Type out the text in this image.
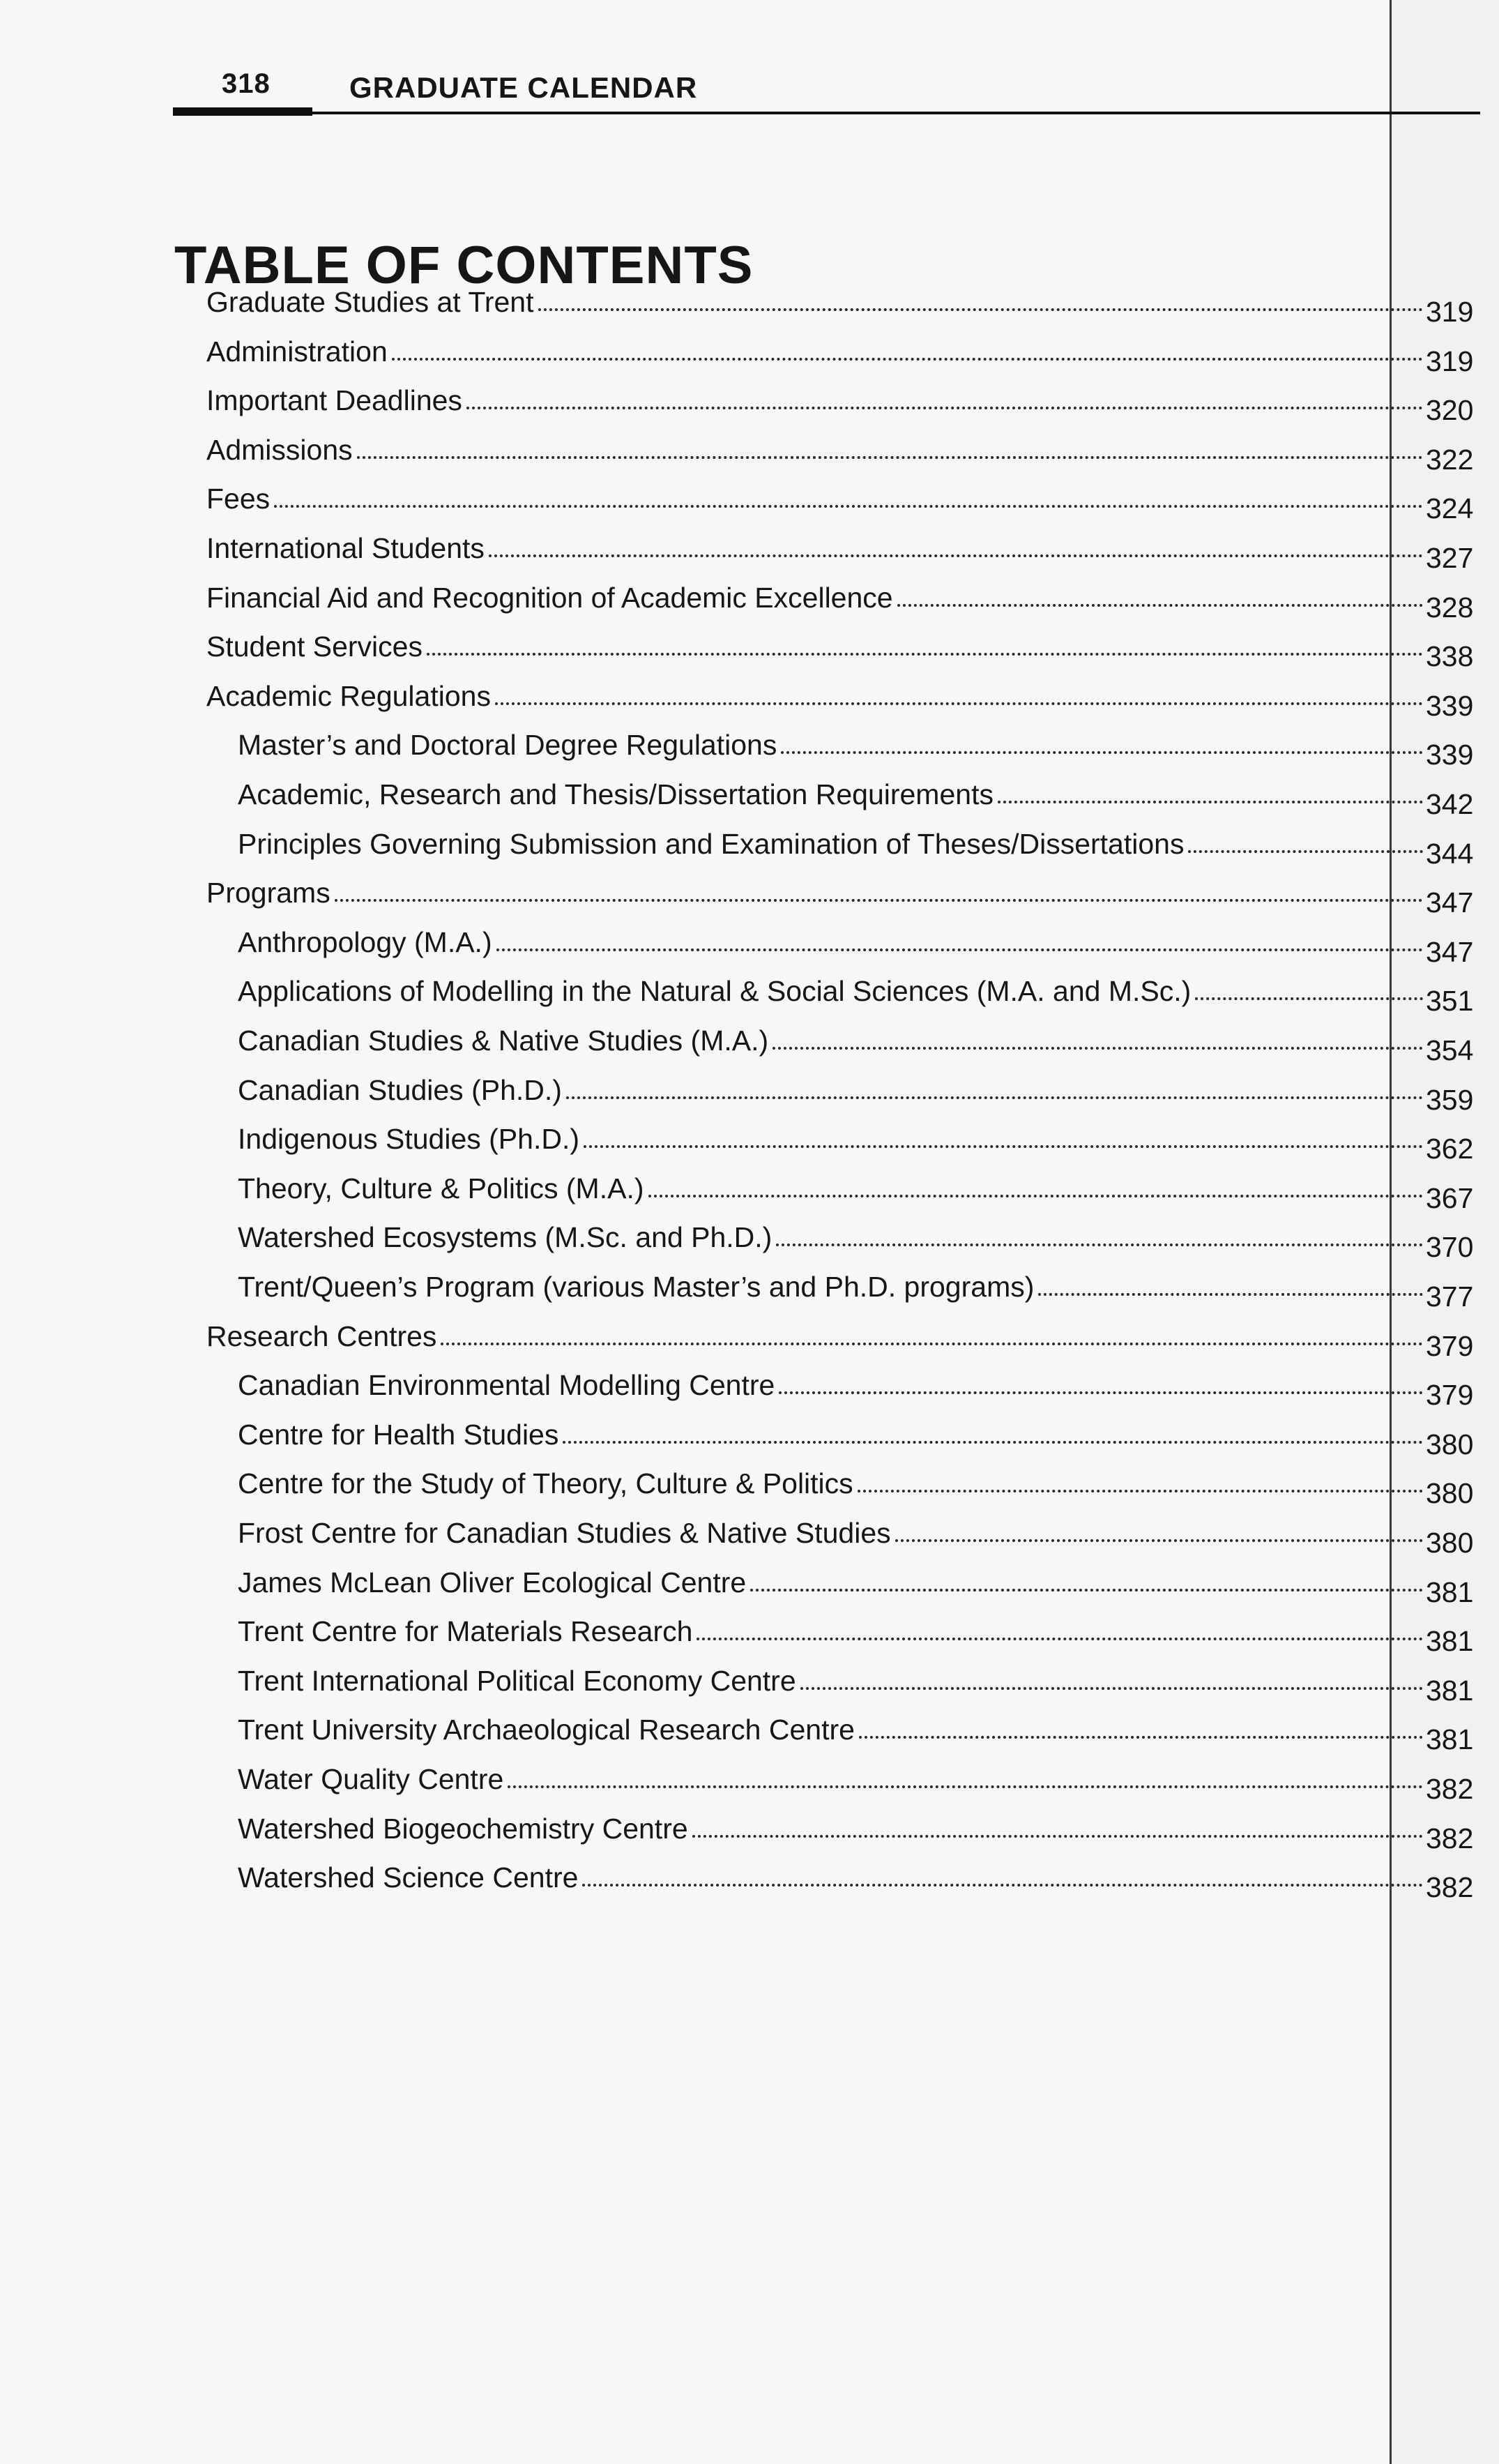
318	GRADUATE CALENDAR
TABLE OF CONTENTS
Graduate Studies at Trent	319
Administration	319
Important Deadlines	320
Admissions	322
Fees	324
International Students	327
Financial Aid and Recognition of Academic Excellence	328
Student Services	338
Academic Regulations	339
Master’s and Doctoral Degree Regulations	339
Academic, Research and Thesis/Dissertation Requirements	342
Principles Governing Submission and Examination of Theses/Dissertations	344
Programs	347
Anthropology (M.A.)	347
Applications of Modelling in the Natural & Social Sciences (M.A. and M.Sc.)	351
Canadian Studies & Native Studies (M.A.)	354
Canadian Studies (Ph.D.)	359
Indigenous Studies (Ph.D.)	362
Theory, Culture & Politics (M.A.)	367
Watershed Ecosystems (M.Sc. and Ph.D.)	370
Trent/Queen’s Program (various Master’s and Ph.D. programs)	377
Research Centres	379
Canadian Environmental Modelling Centre	379
Centre for Health Studies	380
Centre for the Study of Theory, Culture & Politics	380
Frost Centre for Canadian Studies & Native Studies	380
James McLean Oliver Ecological Centre	381
Trent Centre for Materials Research	381
Trent International Political Economy Centre	381
Trent University Archaeological Research Centre	381
Water Quality Centre	382
Watershed Biogeochemistry Centre	382
Watershed Science Centre	382
